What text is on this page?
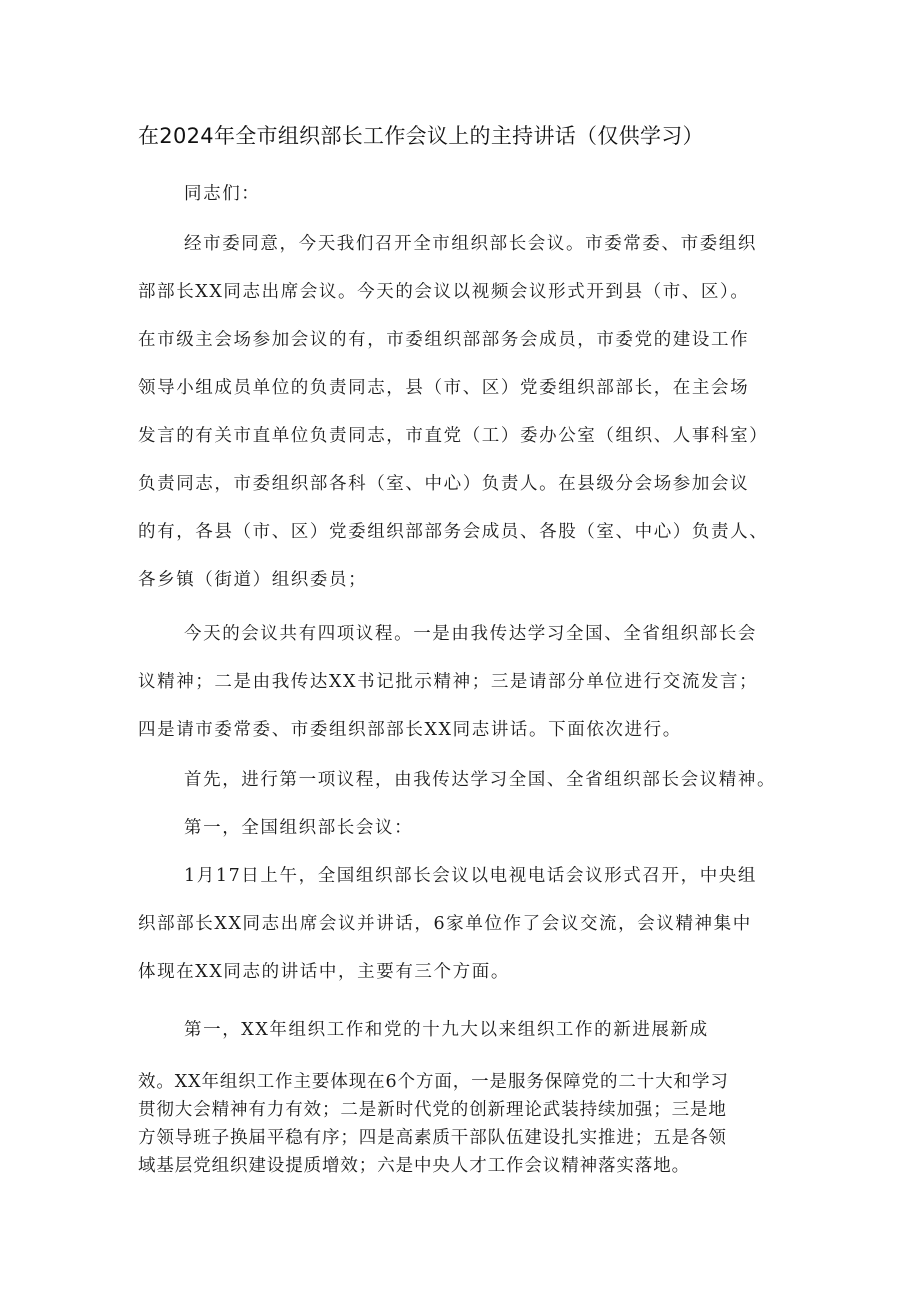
在2024年全市组织部长工作会议上的主持讲话（仅供学习）
同志们：
经市委同意，今天我们召开全市组织部长会议。市委常委、市委组织
部部长XX同志出席会议。今天的会议以视频会议形式开到县（市、区）。
在市级主会场参加会议的有，市委组织部部务会成员，市委党的建设工作
领导小组成员单位的负责同志，县（市、区）党委组织部部长，在主会场
发言的有关市直单位负责同志，市直党（工）委办公室（组织、人事科室）
负责同志，市委组织部各科（室、中心）负责人。在县级分会场参加会议
的有，各县（市、区）党委组织部部务会成员、各股（室、中心）负责人、
各乡镇（街道）组织委员；
今天的会议共有四项议程。一是由我传达学习全国、全省组织部长会
议精神；二是由我传达XX书记批示精神；三是请部分单位进行交流发言；
四是请市委常委、市委组织部部长XX同志讲话。下面依次进行。
首先，进行第一项议程，由我传达学习全国、全省组织部长会议精神。
第一，全国组织部长会议：
1月17日上午，全国组织部长会议以电视电话会议形式召开，中央组
织部部长XX同志出席会议并讲话，6家单位作了会议交流，会议精神集中
体现在XX同志的讲话中，主要有三个方面。
第一，XX年组织工作和党的十九大以来组织工作的新进展新成
效。XX年组织工作主要体现在6个方面，一是服务保障党的二十大和学习
贯彻大会精神有力有效；二是新时代党的创新理论武装持续加强；三是地
方领导班子换届平稳有序；四是高素质干部队伍建设扎实推进；五是各领
域基层党组织建设提质增效；六是中央人才工作会议精神落实落地。
